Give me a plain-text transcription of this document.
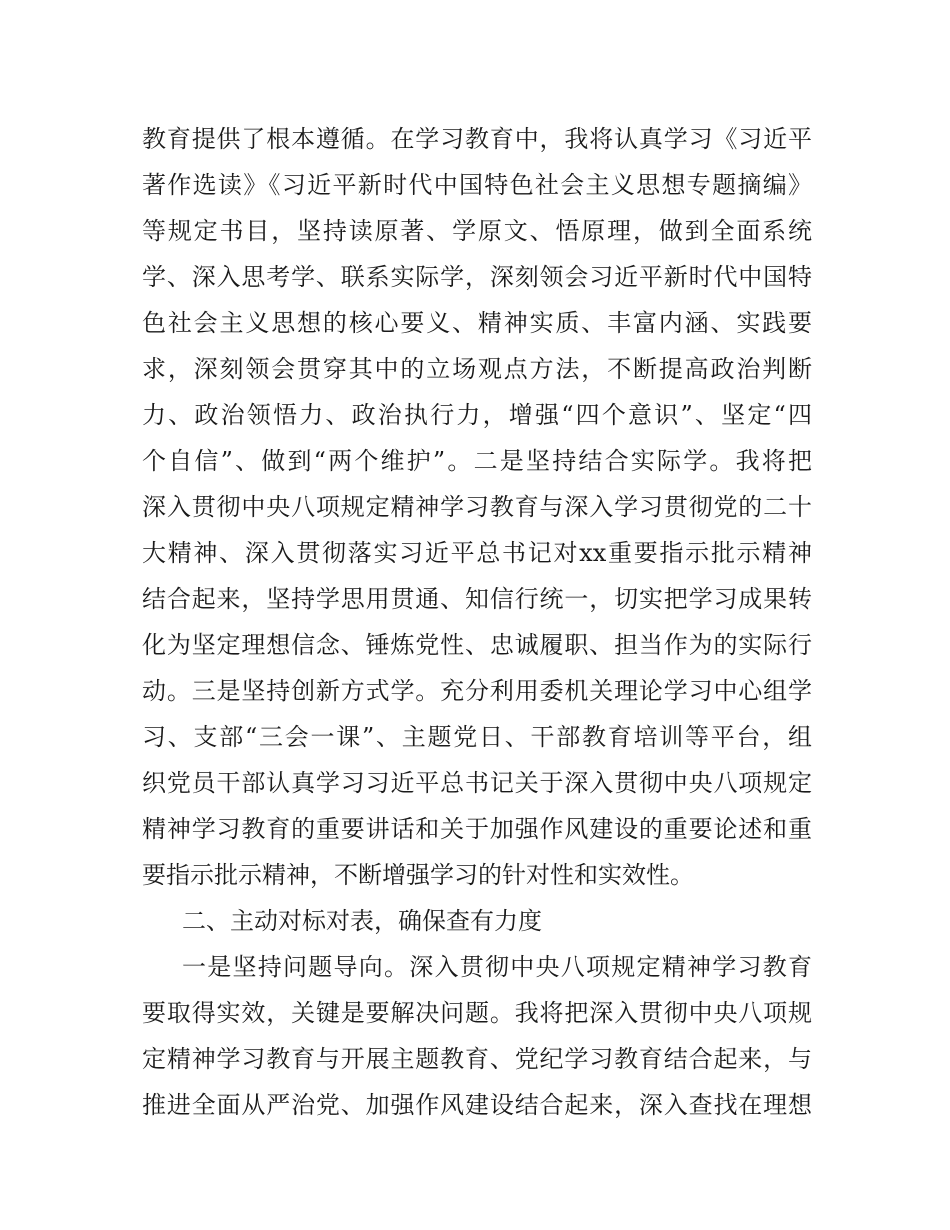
教育提供了根本遵循。在学习教育中，我将认真学习《习近平
著作选读》《习近平新时代中国特色社会主义思想专题摘编》
等规定书目，坚持读原著、学原文、悟原理，做到全面系统
学、深入思考学、联系实际学，深刻领会习近平新时代中国特
色社会主义思想的核心要义、精神实质、丰富内涵、实践要
求，深刻领会贯穿其中的立场观点方法，不断提高政治判断
力、政治领悟力、政治执行力，增强“四个意识”、坚定“四
个自信”、做到“两个维护”。二是坚持结合实际学。我将把
深入贯彻中央八项规定精神学习教育与深入学习贯彻党的二十
大精神、深入贯彻落实习近平总书记对xx重要指示批示精神
结合起来，坚持学思用贯通、知信行统一，切实把学习成果转
化为坚定理想信念、锤炼党性、忠诚履职、担当作为的实际行
动。三是坚持创新方式学。充分利用委机关理论学习中心组学
习、支部“三会一课”、主题党日、干部教育培训等平台，组
织党员干部认真学习习近平总书记关于深入贯彻中央八项规定
精神学习教育的重要讲话和关于加强作风建设的重要论述和重
要指示批示精神，不断增强学习的针对性和实效性。
二、主动对标对表，确保查有力度
一是坚持问题导向。深入贯彻中央八项规定精神学习教育
要取得实效，关键是要解决问题。我将把深入贯彻中央八项规
定精神学习教育与开展主题教育、党纪学习教育结合起来，与
推进全面从严治党、加强作风建设结合起来，深入查找在理想
